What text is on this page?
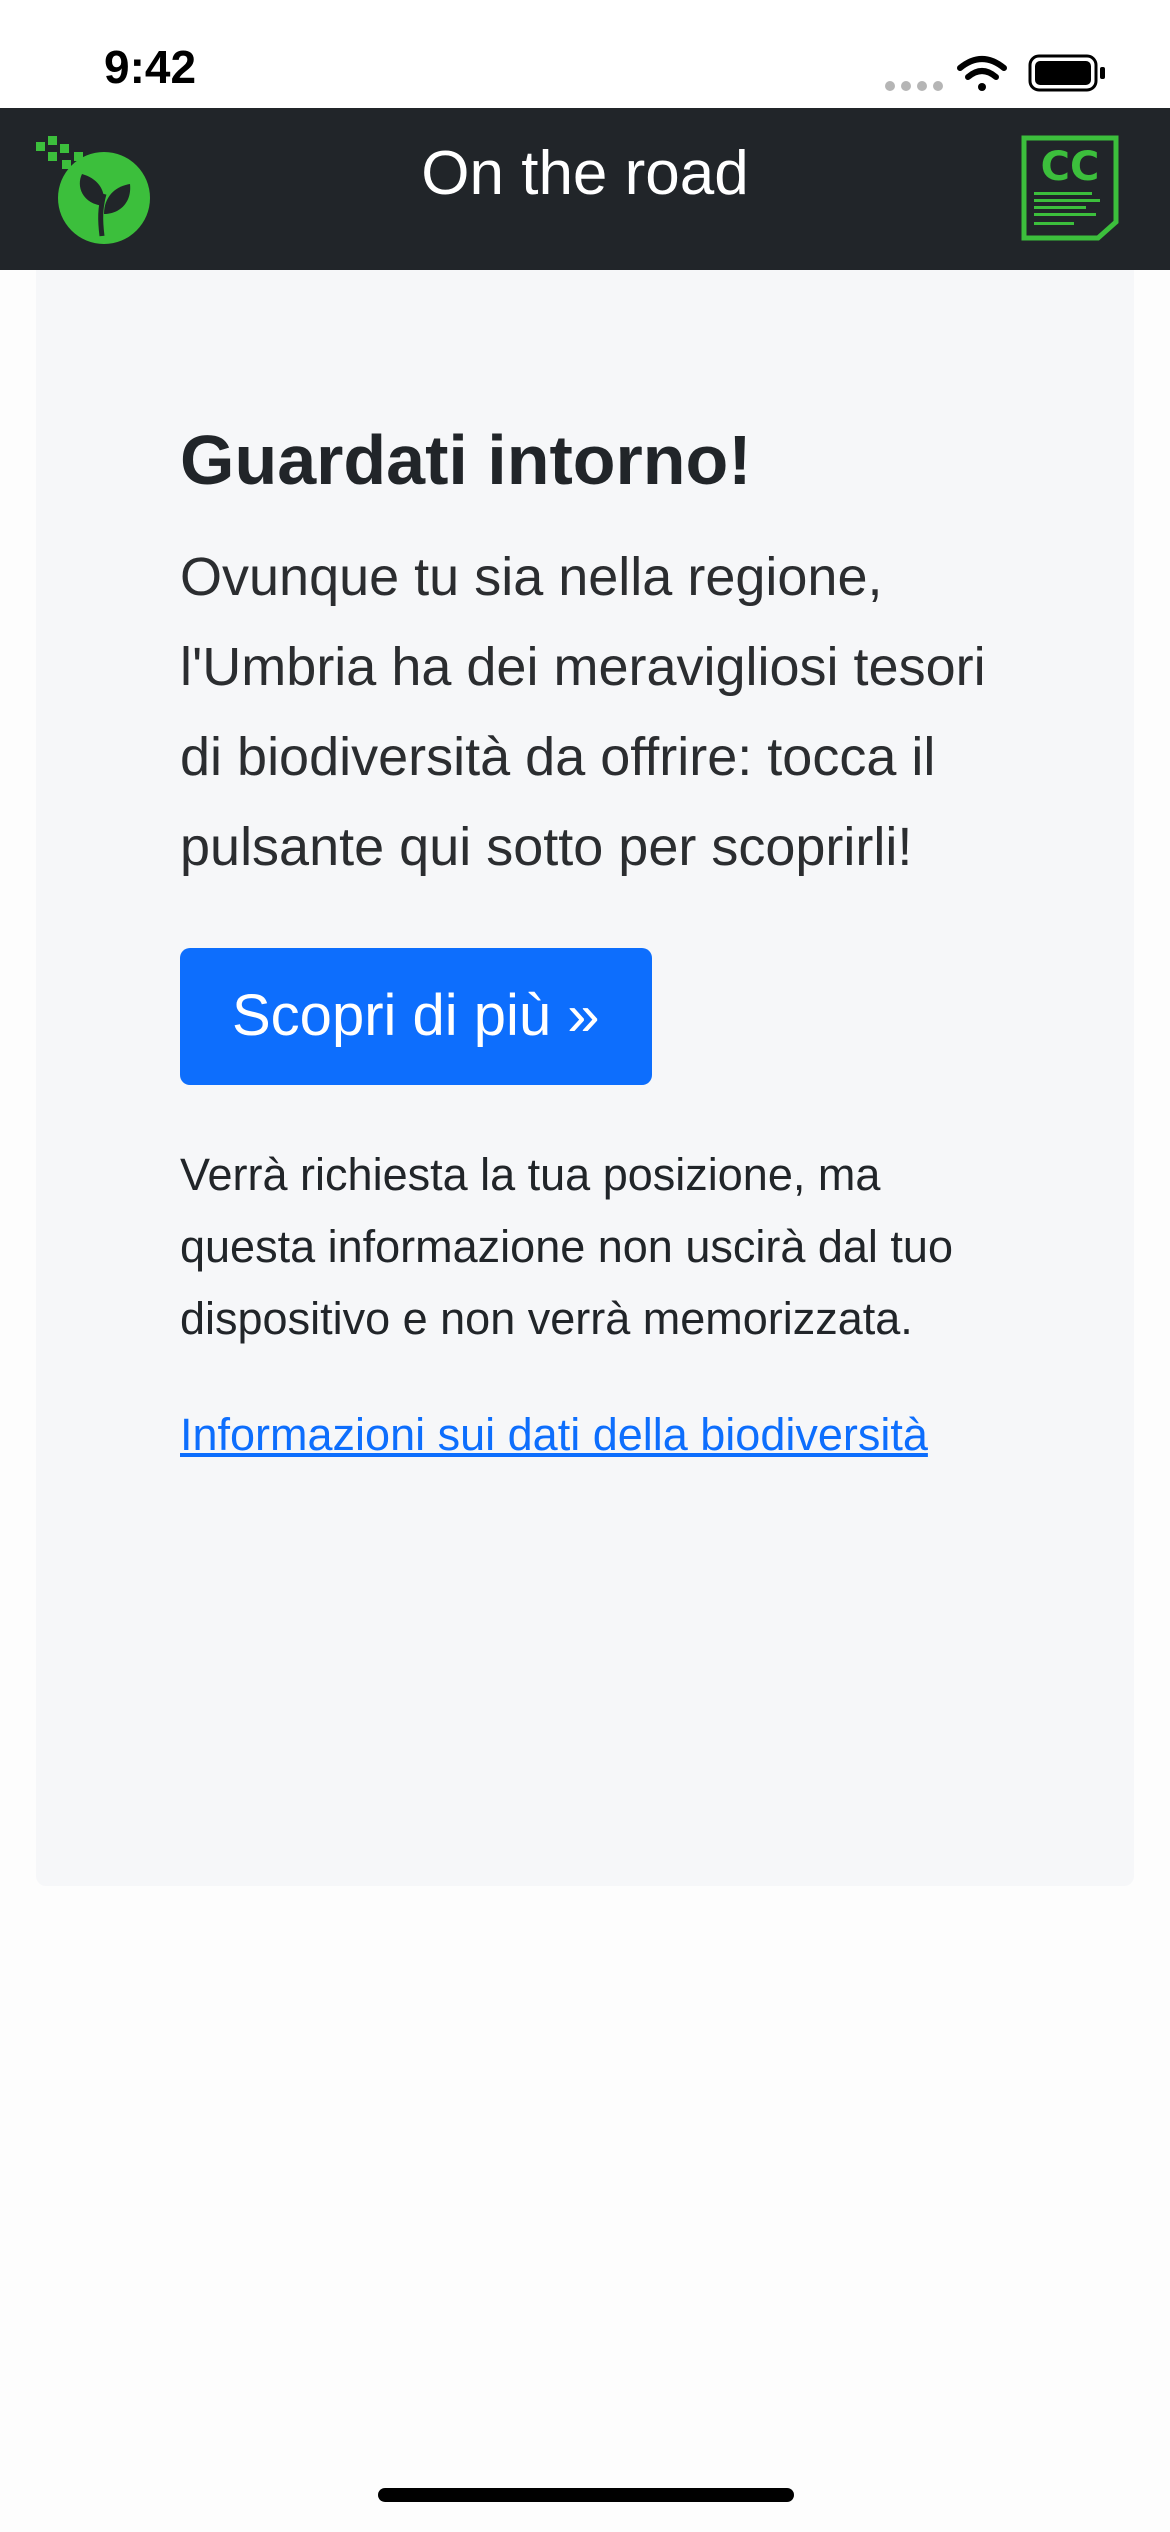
9:42
On the road	CC
Guardati intorno!

Ovunque tu sia nella regione, l'Umbria ha dei meravigliosi tesori di biodiversità da offrire: tocca il pulsante qui sotto per scoprirli!

Scopri di più »

Verrà richiesta la tua posizione, ma questa informazione non uscirà dal tuo dispositivo e non verrà memorizzata.

Informazioni sui dati della biodiversità
